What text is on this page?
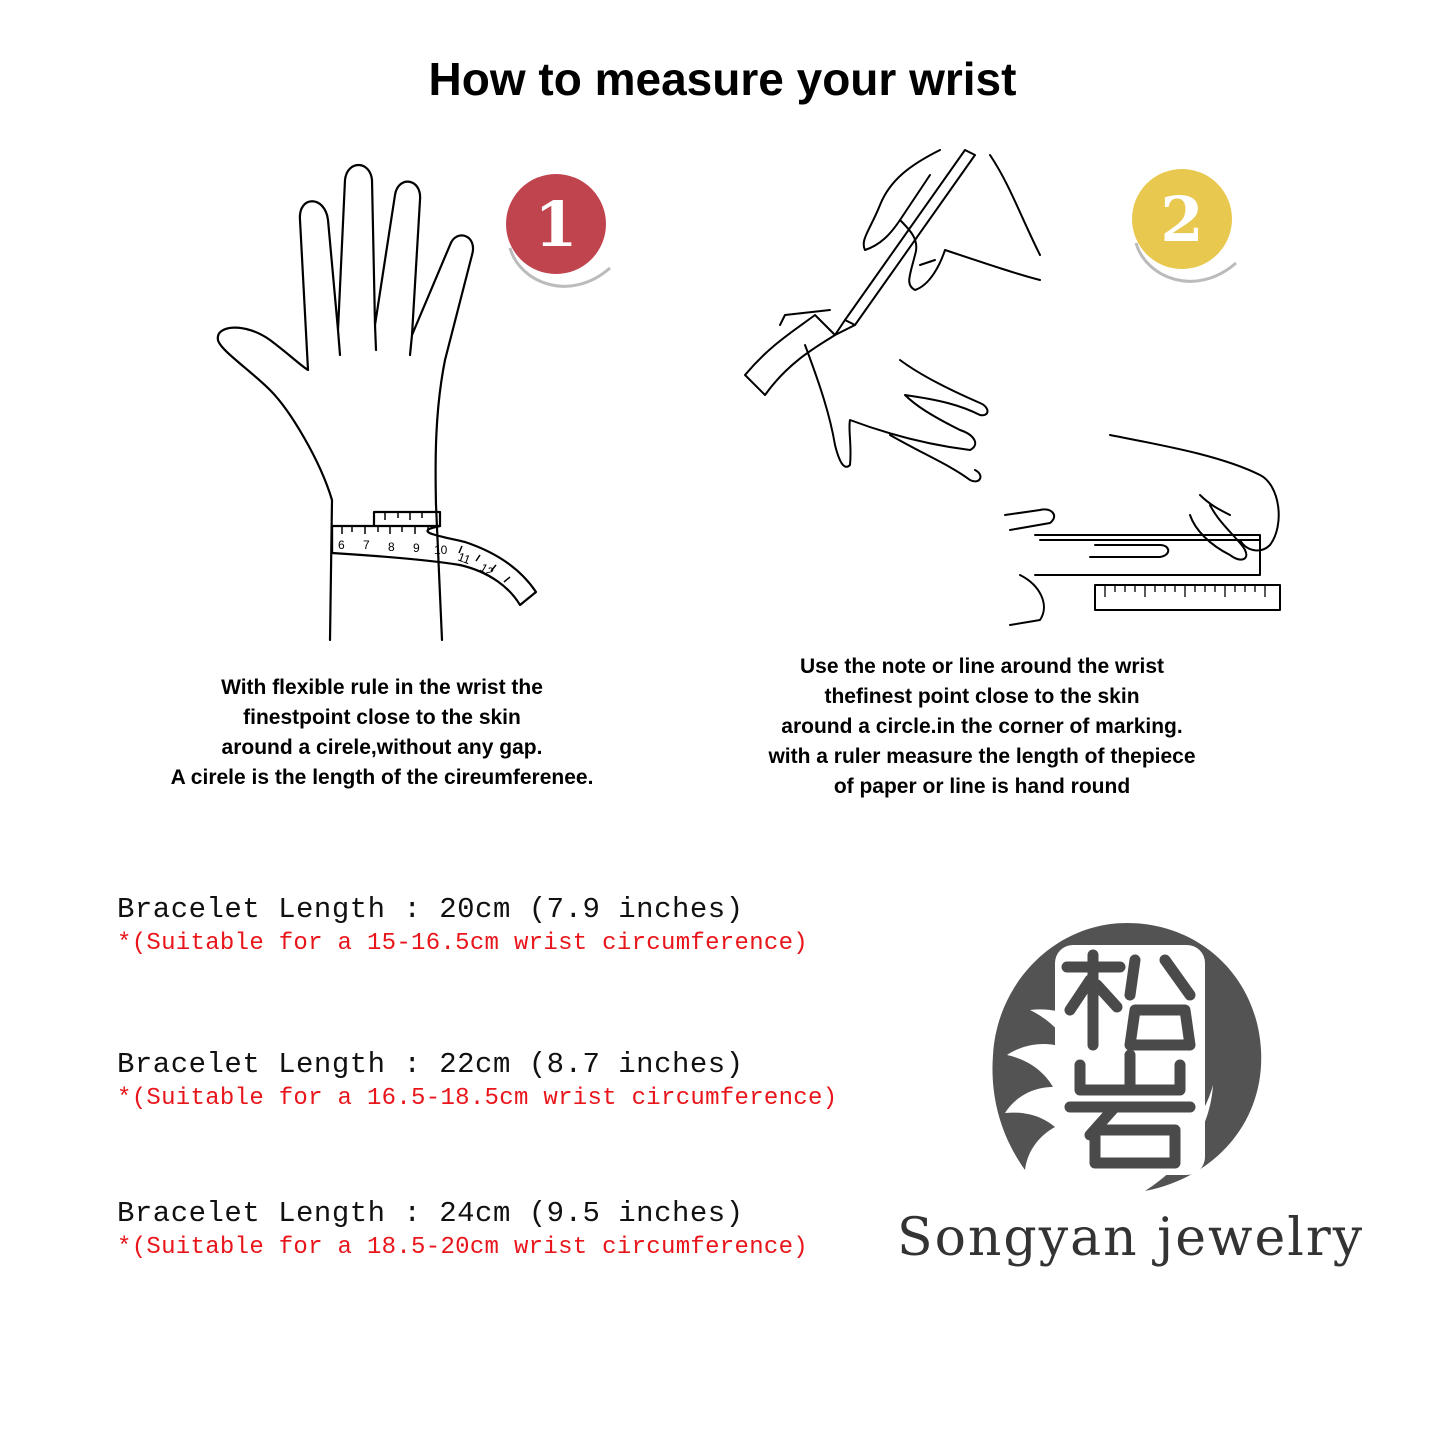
How to measure your wrist
6 7 8 9 10 11
12
1	2
With flexible rule in the wrist the
finestpoint close to the skin
around a cirele,without any gap.
A cirele is the length of the cireumferenee.
Use the note or line around the wrist
thefinest point close to the skin
around a circle.in the corner of marking.
with a ruler measure the length of thepiece
of paper or line is hand round
Bracelet Length : 20cm (7.9 inches)
*(Suitable for a 15-16.5cm wrist circumference)
Bracelet Length : 22cm (8.7 inches)
*(Suitable for a 16.5-18.5cm wrist circumference)
Bracelet Length : 24cm (9.5 inches)
*(Suitable for a 18.5-20cm wrist circumference) Songyan jewelry
